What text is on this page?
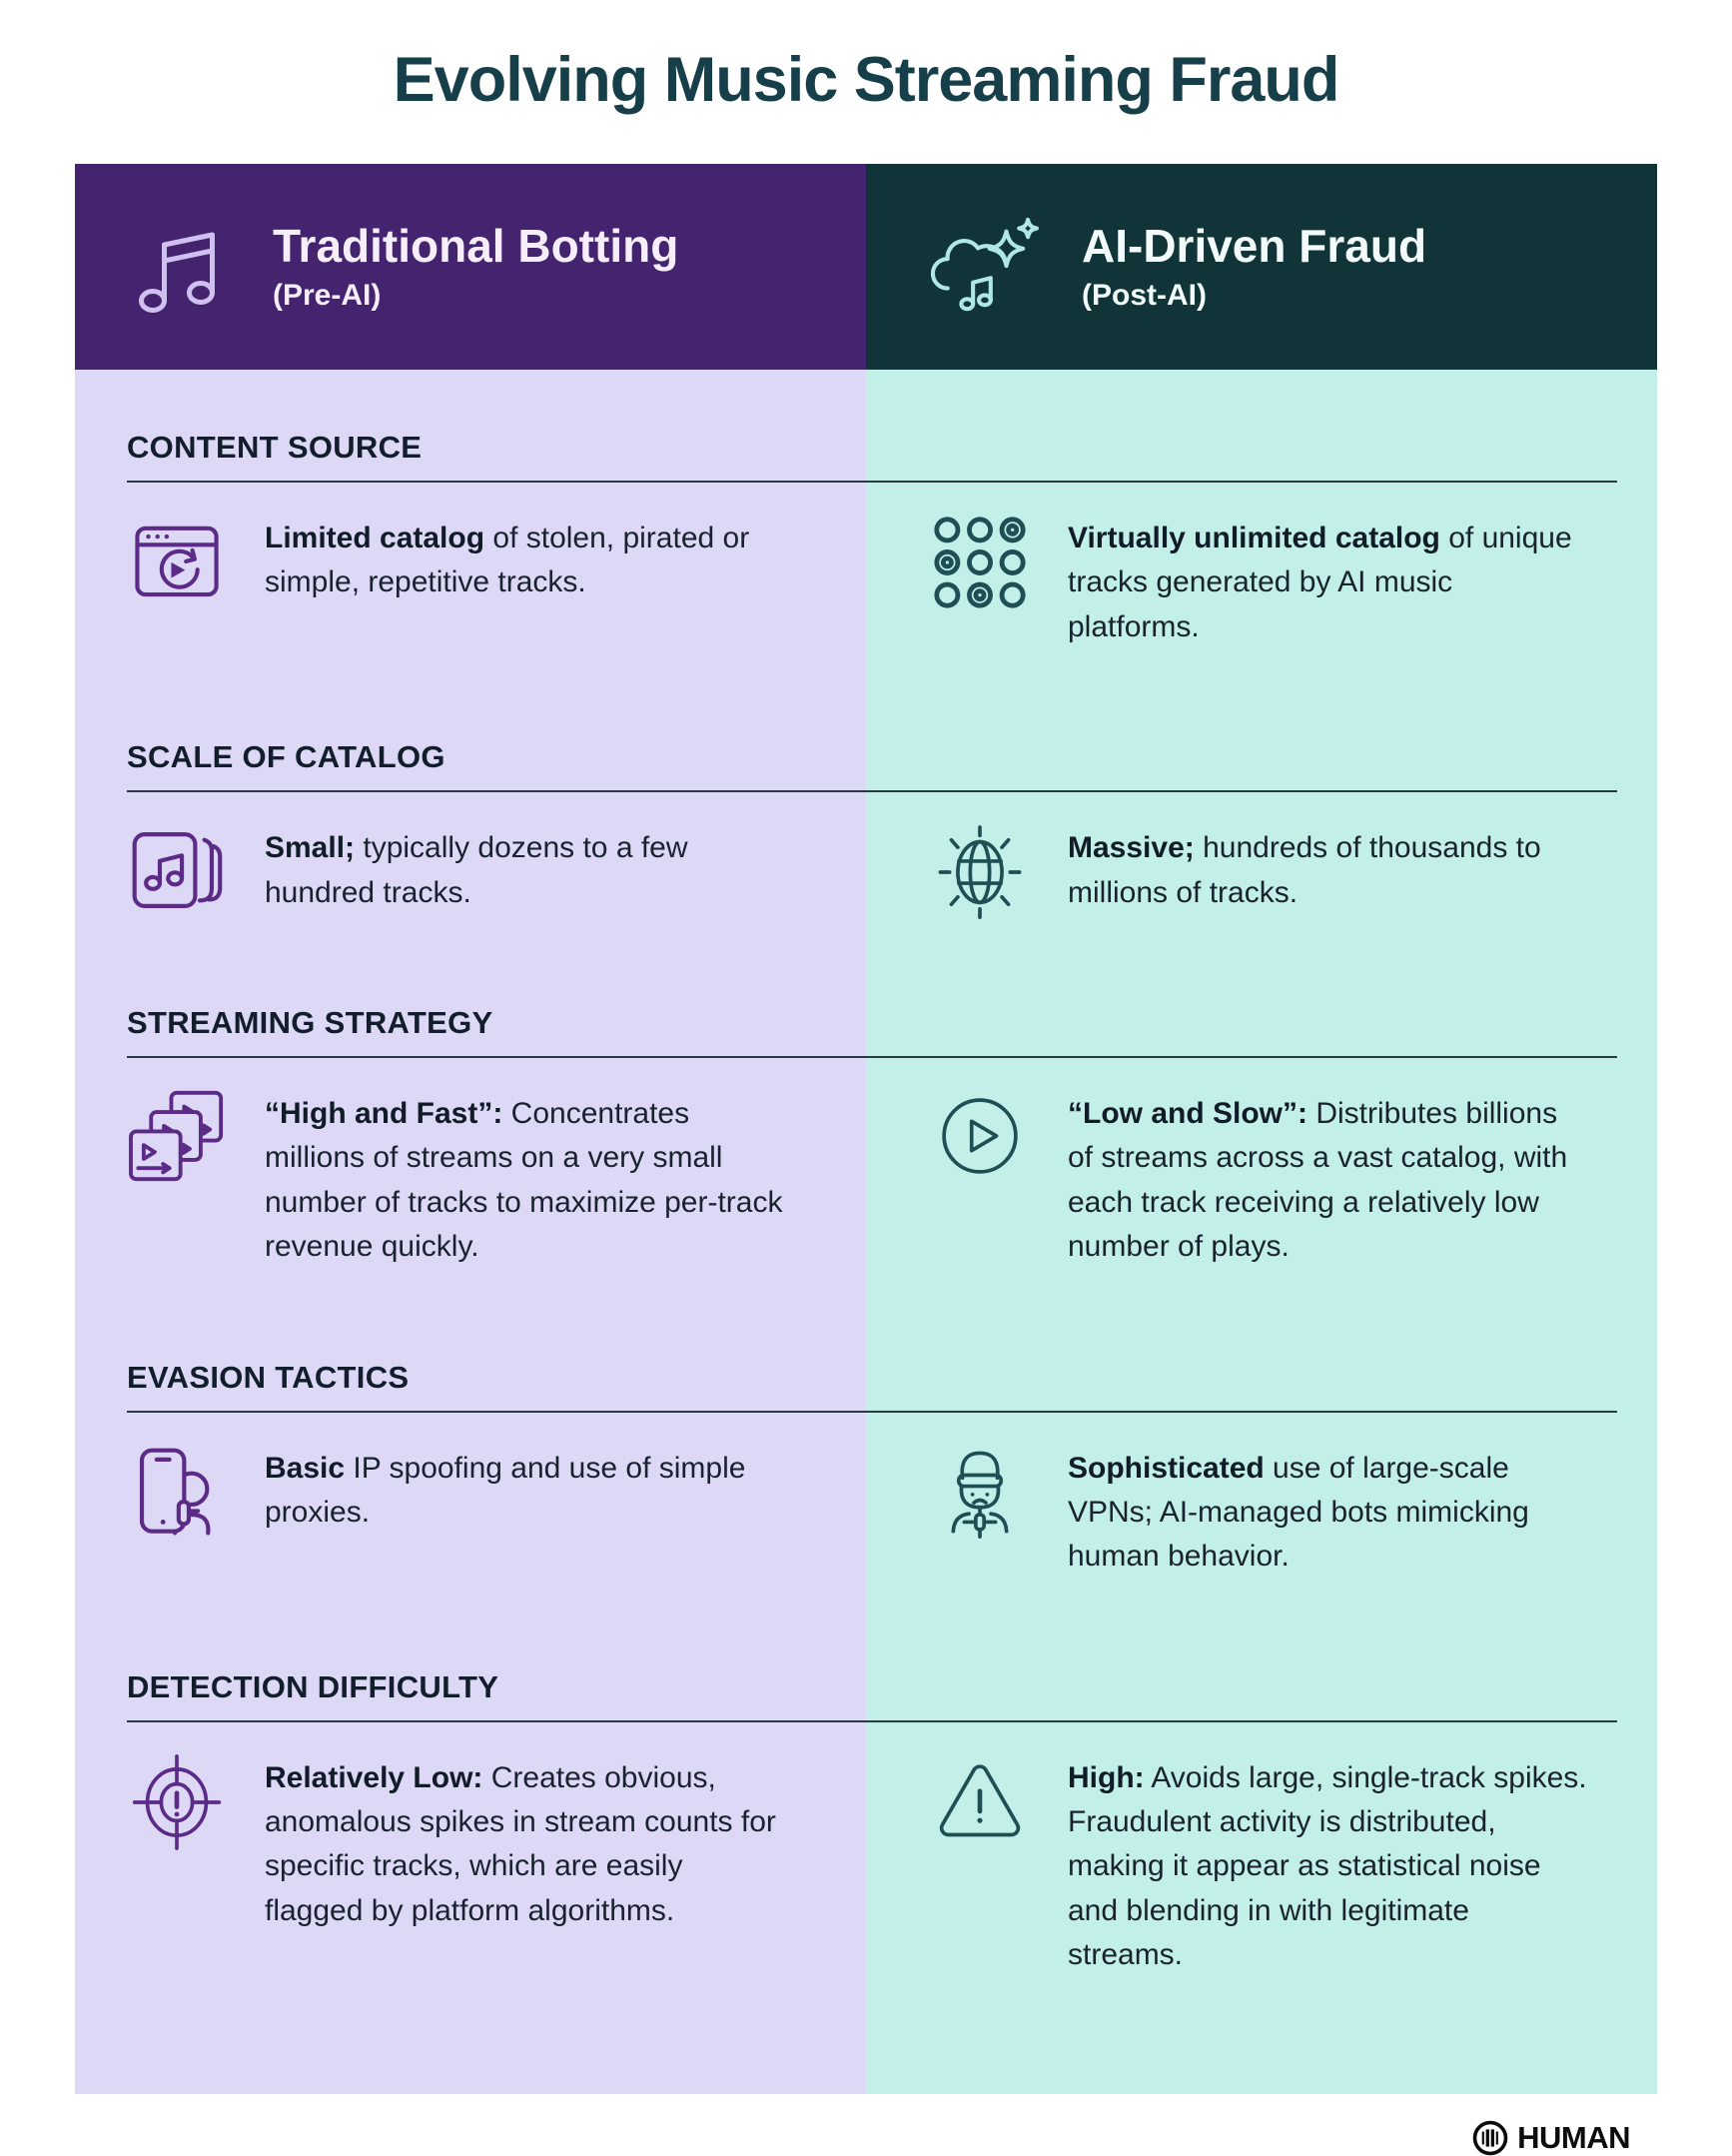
Evolving Music Streaming Fraud
Traditional Botting
(Pre-AI)
AI-Driven Fraud
(Post-AI)
CONTENT SOURCE

Limited catalog of stolen, pirated or simple, repetitive tracks.

Virtually unlimited catalog of unique tracks generated by AI music platforms.

SCALE OF CATALOG

Small; typically dozens to a few hundred tracks.

Massive; hundreds of thousands to millions of tracks.

STREAMING STRATEGY

“High and Fast”: Concentrates millions of streams on a very small number of tracks to maximize per-track revenue quickly.

“Low and Slow”: Distributes billions of streams across a vast catalog, with each track receiving a relatively low number of plays.

EVASION TACTICS

Basic IP spoofing and use of simple proxies.

Sophisticated use of large-scale VPNs; AI-managed bots mimicking human behavior.

DETECTION DIFFICULTY

Relatively Low: Creates obvious, anomalous spikes in stream counts for specific tracks, which are easily flagged by platform algorithms.

High: Avoids large, single-track spikes. Fraudulent activity is distributed, making it appear as statistical noise and blending in with legitimate streams.

HUMAN
